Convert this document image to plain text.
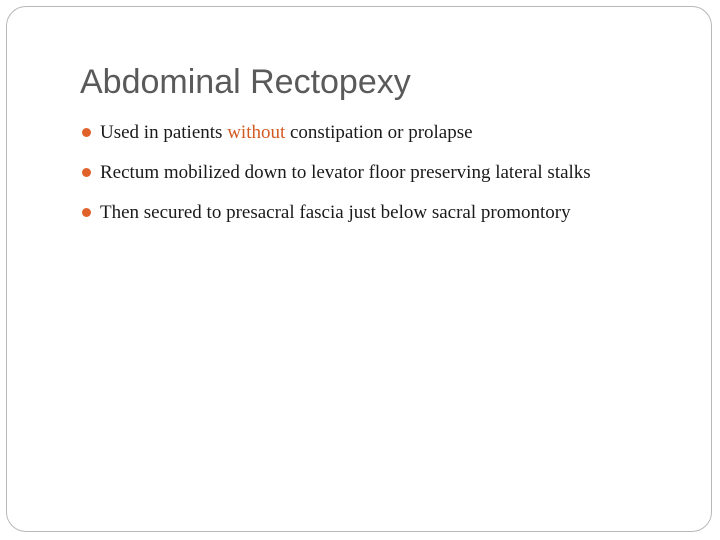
Abdominal Rectopexy
Used in patients without constipation or prolapse
Rectum mobilized down to levator floor preserving lateral stalks
Then secured to presacral fascia just below sacral promontory
